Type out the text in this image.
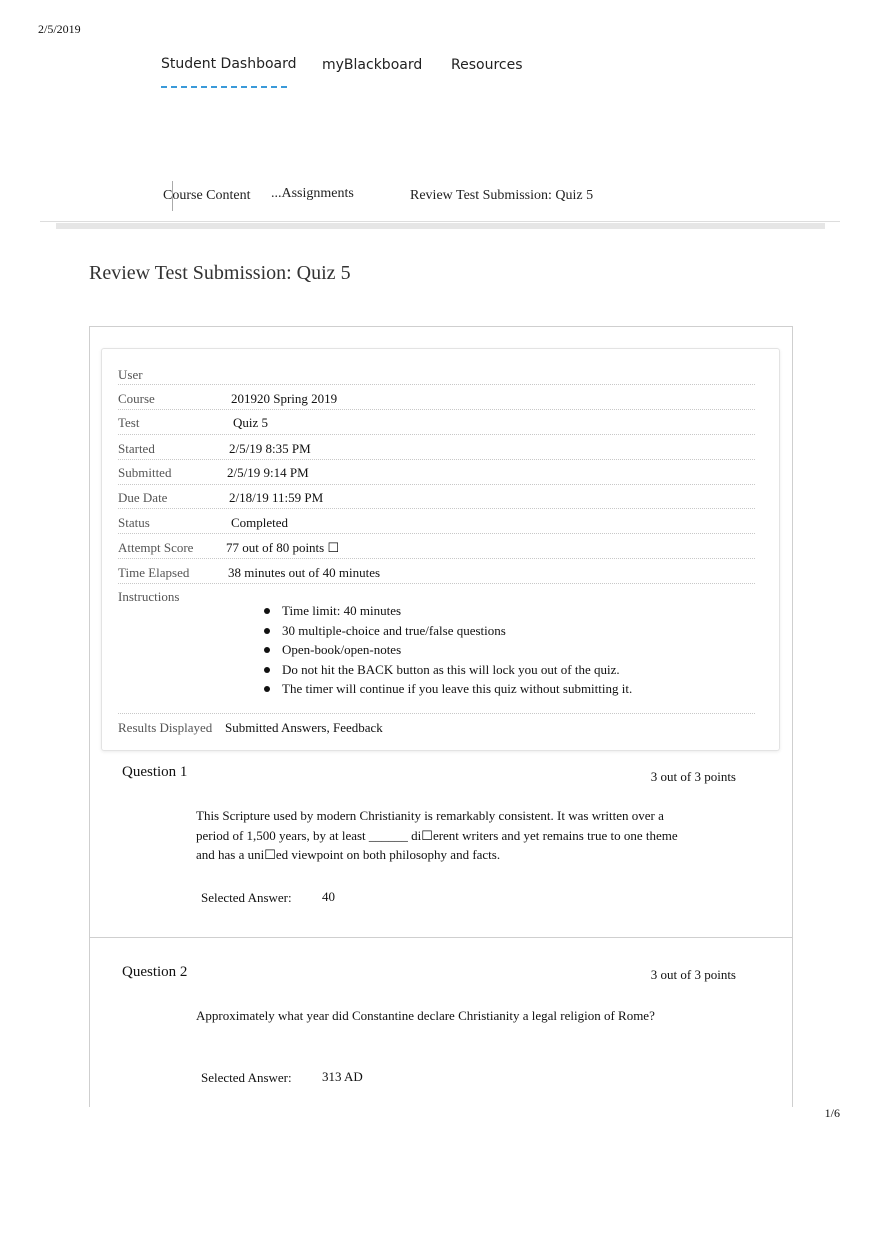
2/5/2019
Student Dashboard myBlackboard Resources
Course Content ...Assignments	Review Test Submission: Quiz 5
Review Test Submission: Quiz 5
User
Course	201920 Spring 2019
Test	Quiz 5
Started	2/5/19 8:35 PM
Submitted	2/5/19 9:14 PM
Due Date	2/18/19 11:59 PM
Status	Completed
Attempt Score	77 out of 80 points ☐
Time Elapsed	38 minutes out of 40 minutes
Instructions
Time limit: 40 minutes
30 multiple-choice and true/false questions
Open-book/open-notes
Do not hit the BACK button as this will lock you out of the quiz.
The timer will continue if you leave this quiz without submitting it.
Results Displayed Submitted Answers, Feedback
Question 1	3 out of 3 points
This Scripture used by modern Christianity is remarkably consistent. It was written over a period of 1,500 years, by at least ______ di☐erent writers and yet remains true to one theme and has a uni☐ed viewpoint on both philosophy and facts.
Selected Answer: 40
Question 2	3 out of 3 points
Approximately what year did Constantine declare Christianity a legal religion of Rome?
Selected Answer: 313 AD
1/6
